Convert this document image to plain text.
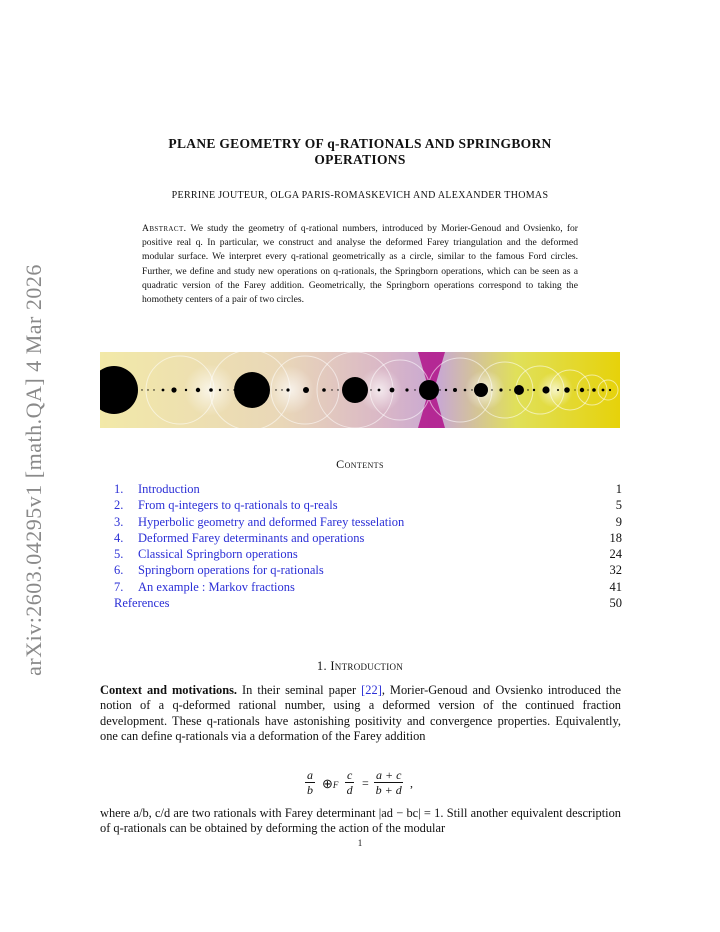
arXiv:2603.04295v1 [math.QA] 4 Mar 2026
PLANE GEOMETRY OF q-RATIONALS AND SPRINGBORN
OPERATIONS
PERRINE JOUTEUR, OLGA PARIS-ROMASKEVICH AND ALEXANDER THOMAS
Abstract. We study the geometry of q-rational numbers, introduced by Morier-Genoud and Ovsienko, for positive real q. In particular, we construct and analyse the deformed Farey triangulation and the deformed modular surface. We interpret every q-rational geometrically as a circle, similar to the famous Ford circles. Further, we define and study new operations on q-rationals, the Springborn operations, which can be seen as a quadratic version of the Farey addition. Geometrically, the Springborn operations correspond to taking the homothety centers of a pair of two circles.
Contents
1. Introduction	1
2. From q-integers to q-rationals to q-reals	5
3. Hyperbolic geometry and deformed Farey tesselation	9
4. Deformed Farey determinants and operations	18
5. Classical Springborn operations	24
6. Springborn operations for q-rationals	32
7. An example : Markov fractions	41
References	50
1. Introduction
Context and motivations. In their seminal paper [22], Morier-Genoud and Ovsienko introduced the notion of a q-deformed rational number, using a deformed version of the continued fraction development. These q-rationals have astonishing positivity and convergence properties. Equivalently, one can define q-rationals via a deformation of the Farey addition
$\frac{a}{b}$ ⊕F $\frac{c}{d} = \frac{a + c}{b + d}$ ,
where a/b, c/d are two rationals with Farey determinant |ad − bc| = 1. Still another equivalent description of q-rationals can be obtained by deforming the action of the modular
1
